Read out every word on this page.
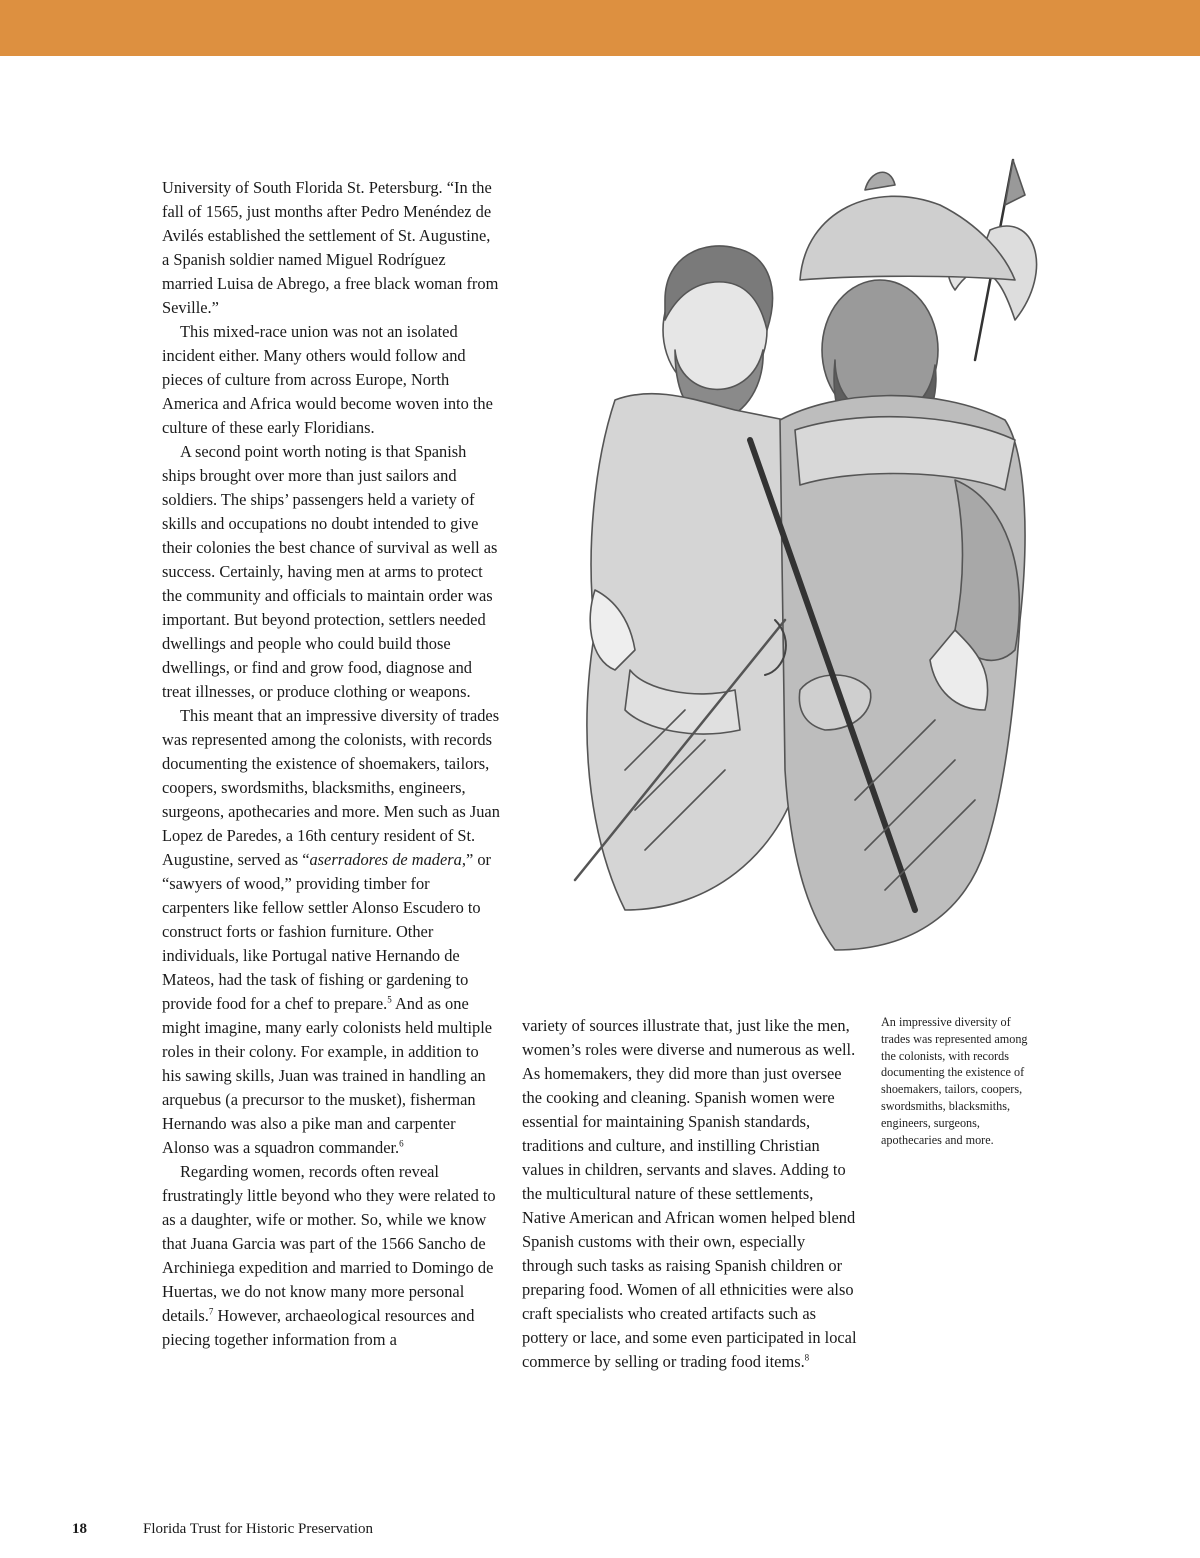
University of South Florida St. Petersburg. “In the fall of 1565, just months after Pedro Menéndez de Avilés established the settlement of St. Augustine, a Spanish soldier named Miguel Rodríguez married Luisa de Abrego, a free black woman from Seville.”

This mixed-race union was not an isolated incident either. Many others would follow and pieces of culture from across Europe, North America and Africa would become woven into the culture of these early Floridians.

A second point worth noting is that Spanish ships brought over more than just sailors and soldiers. The ships’ passengers held a variety of skills and occupations no doubt intended to give their colonies the best chance of survival as well as success. Certainly, having men at arms to protect the community and officials to maintain order was important. But beyond protection, settlers needed dwellings and people who could build those dwellings, or find and grow food, diagnose and treat illnesses, or produce clothing or weapons.

This meant that an impressive diversity of trades was represented among the colonists, with records documenting the existence of shoemakers, tailors, coopers, swordsmiths, blacksmiths, engineers, surgeons, apothecaries and more. Men such as Juan Lopez de Paredes, a 16th century resident of St. Augustine, served as “aserradores de madera,” or “sawyers of wood,” providing timber for carpenters like fellow settler Alonso Escudero to construct forts or fashion furniture. Other individuals, like Portugal native Hernando de Mateos, had the task of fishing or gardening to provide food for a chef to prepare.$^5$ And as one might imagine, many early colonists held multiple roles in their colony. For example, in addition to his sawing skills, Juan was trained in handling an arquebus (a precursor to the musket), fisherman Hernando was also a pike man and carpenter Alonso was a squadron commander.$^6$

Regarding women, records often reveal frustratingly little beyond who they were related to as a daughter, wife or mother. So, while we know that Juana Garcia was part of the 1566 Sancho de Archiniega expedition and married to Domingo de Huertas, we do not know many more personal details.$^7$ However, archaeological resources and piecing together information from a

variety of sources illustrate that, just like the men, women’s roles were diverse and numerous as well. As homemakers, they did more than just oversee the cooking and cleaning. Spanish women were essential for maintaining Spanish standards, traditions and culture, and instilling Christian values in children, servants and slaves. Adding to the multicultural nature of these settlements, Native American and African women helped blend Spanish customs with their own, especially through such tasks as raising Spanish children or preparing food. Women of all ethnicities were also craft specialists who created artifacts such as pottery or lace, and some even participated in local commerce by selling or trading food items.$^8$

An impressive diversity of trades was represented among the colonists, with records documenting the existence of shoemakers, tailors, coopers, swordsmiths, blacksmiths, engineers, surgeons, apothecaries and more.
18	Florida Trust for Historic Preservation
